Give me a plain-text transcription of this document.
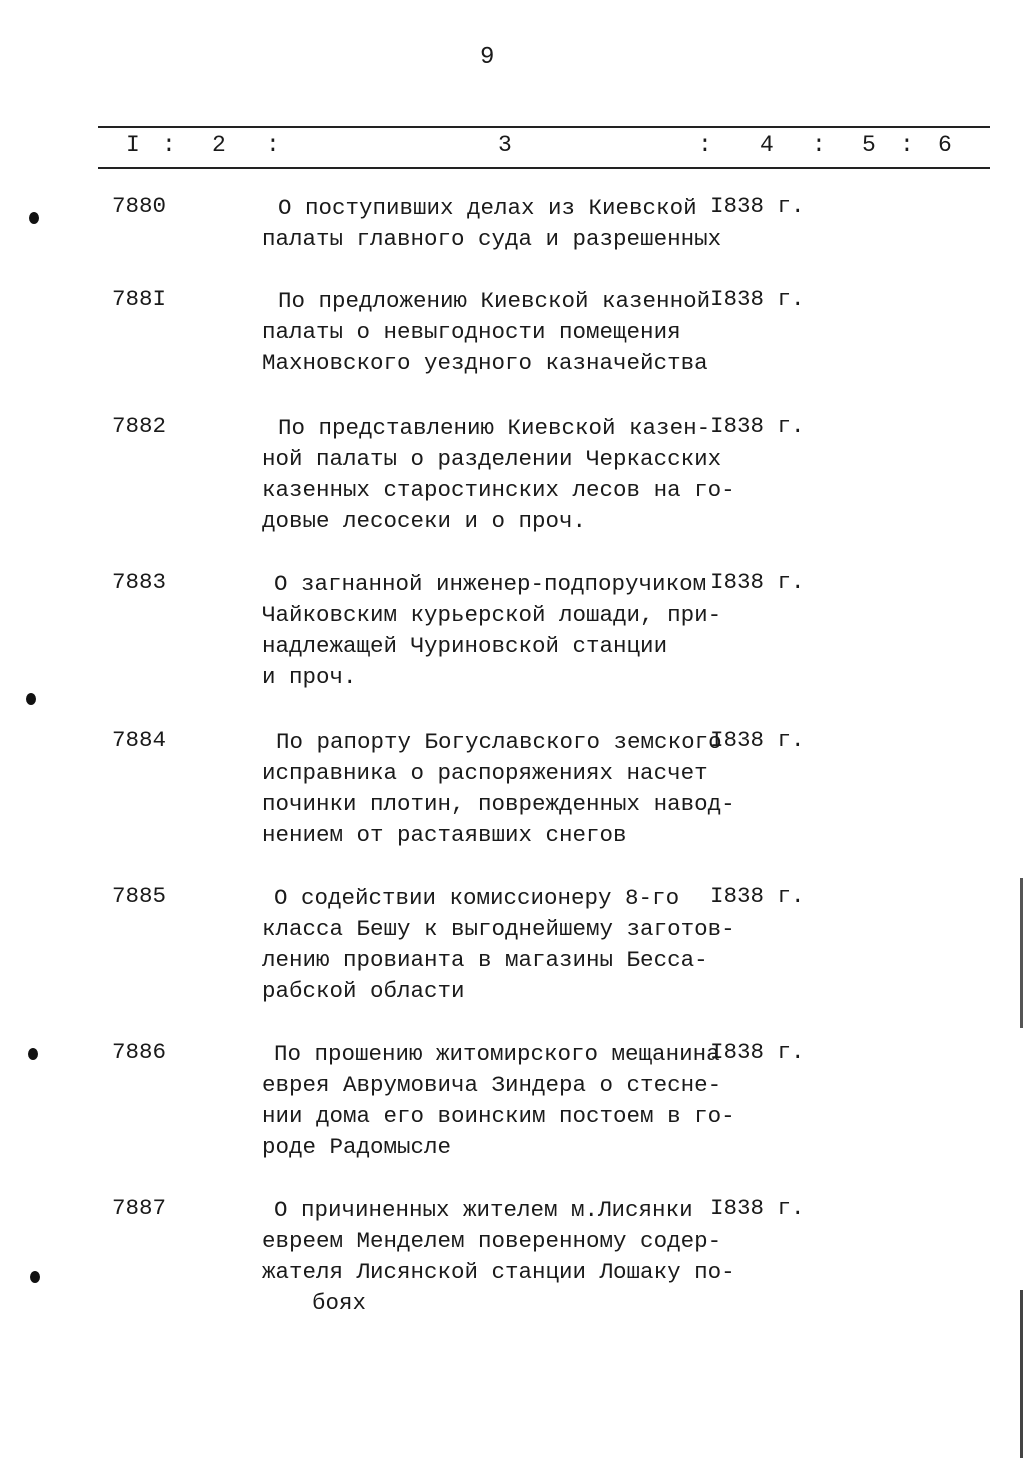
9
I : 2 :	3	: 4 : 5 : 6
7880	О поступивших делах из Киевской
палаты главного суда и разрешенных
I838 г.
788I	По предложению Киевской казенной
палаты о невыгодности помещения
Махновского уездного казначейства
I838 г.
7882	По представлению Киевской казен-
ной палаты о разделении Черкасских
казенных старостинских лесов на го-
довые лесосеки и о проч.
I838 г.
7883	О загнанной инженер-подпоручиком
Чайковским курьерской лошади, при-
надлежащей Чуриновской станции
и проч.
I838 г.
7884	По рапорту Богуславского земского
исправника о распоряжениях насчет
починки плотин, поврежденных навод-
нением от растаявших снегов
I838 г.
7885	О содействии комиссионеру 8-го
класса Бешу к выгоднейшему заготов-
лению провианта в магазины Бесса-
рабской области
I838 г.
7886	По прошению житомирского мещанина
еврея Аврумовича Зиндера о стесне-
нии дома его воинским постоем в го-
роде Радомысле
I838 г.
7887	О причиненных жителем м.Лисянки
евреем Менделем поверенному содер-
жателя Лисянской станции Лошаку по-
боях
I838 г.
